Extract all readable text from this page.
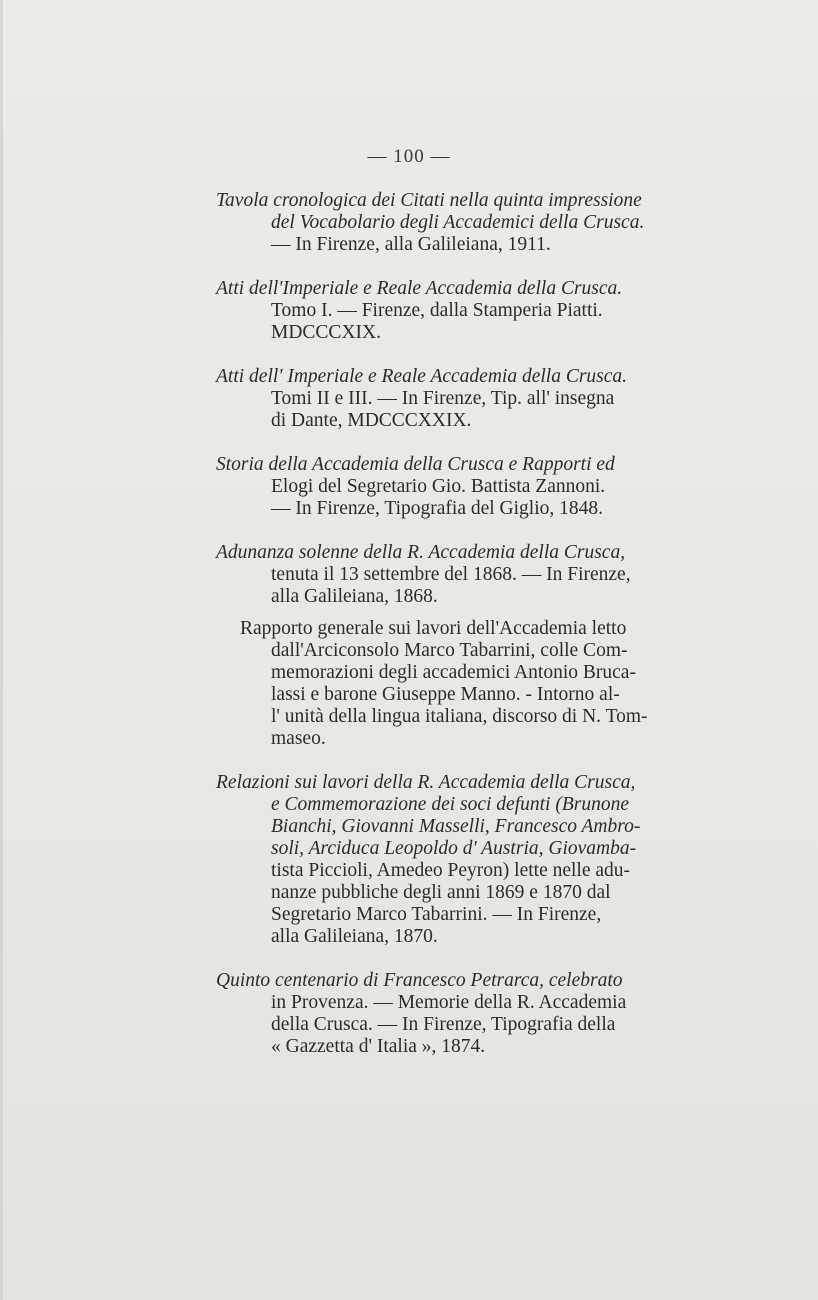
— 100 —
Tavola cronologica dei Citati nella quinta impressione
del Vocabolario degli Accademici della Crusca.
— In Firenze, alla Galileiana, 1911.
Atti dell'Imperiale e Reale Accademia della Crusca.
Tomo I. — Firenze, dalla Stamperia Piatti.
MDCCCXIX.
Atti dell' Imperiale e Reale Accademia della Crusca.
Tomi II e III. — In Firenze, Tip. all' insegna
di Dante, MDCCCXXIX.
Storia della Accademia della Crusca e Rapporti ed
Elogi del Segretario Gio. Battista Zannoni.
— In Firenze, Tipografia del Giglio, 1848.
Adunanza solenne della R. Accademia della Crusca,
tenuta il 13 settembre del 1868. — In Firenze,
alla Galileiana, 1868.
Rapporto generale sui lavori dell'Accademia letto
dall'Arciconsolo Marco Tabarrini, colle Com-
memorazioni degli accademici Antonio Bruca-
lassi e barone Giuseppe Manno. - Intorno al-
l' unità della lingua italiana, discorso di N. Tom-
maseo.
Relazioni sui lavori della R. Accademia della Crusca,
e Commemorazione dei soci defunti (Brunone
Bianchi, Giovanni Masselli, Francesco Ambro-
soli, Arciduca Leopoldo d' Austria, Giovamba-
tista Piccioli, Amedeo Peyron) lette nelle adu-
nanze pubbliche degli anni 1869 e 1870 dal
Segretario Marco Tabarrini. — In Firenze,
alla Galileiana, 1870.
Quinto centenario di Francesco Petrarca, celebrato
in Provenza. — Memorie della R. Accademia
della Crusca. — In Firenze, Tipografia della
« Gazzetta d' Italia », 1874.
